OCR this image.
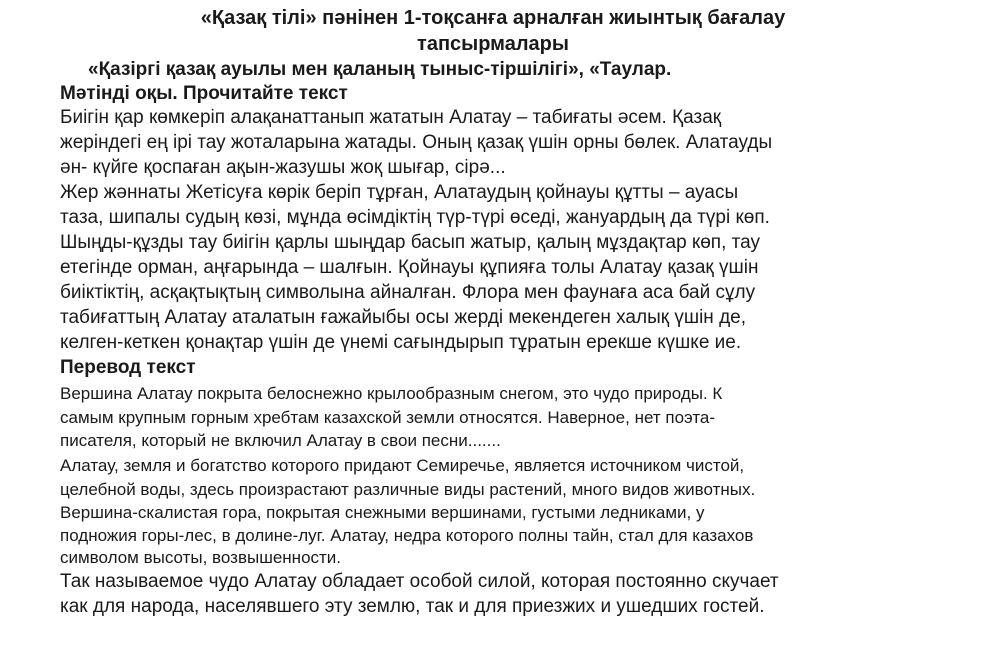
«Қазақ тілі» пәнінен 1-тоқсанға арналған жиынтық бағалау
тапсырмалары
«Қазіргі қазақ ауылы мен қаланың тыныс-тіршілігі», «Таулар.
Мәтінді оқы. Прочитайте текст
Биігін қар көмкеріп алақанаттанып жататын Алатау – табиғаты әсем. Қазақ
жеріндегі ең ірі тау жоталарына жатады. Оның қазақ үшін орны бөлек. Алатауды
ән- күйге қоспаған ақын-жазушы жоқ шығар, сірә...
Жер жәннаты Жетісуға көрік беріп тұрған, Алатаудың қойнауы құтты – ауасы
таза, шипалы судың көзі, мұнда өсімдіктің түр-түрі өседі, жануардың да түрі көп.
Шыңды-құзды тау биігін қарлы шыңдар басып жатыр, қалың мұздақтар көп, тау
етегінде орман, аңғарында – шалғын. Қойнауы құпияға толы Алатау қазақ үшін
биіктіктің, асқақтықтың символына айналған. Флора мен фаунаға аса бай сұлу
табиғаттың Алатау аталатын ғажайыбы осы жерді мекендеген халық үшін де,
келген-кеткен қонақтар үшін де үнемі сағындырып тұратын ерекше күшке ие.
Перевод текст
Вершина Алатау покрыта белоснежно крылообразным снегом, это чудо природы. К
самым крупным горным хребтам казахской земли относятся. Наверное, нет поэта-
писателя, который не включил Алатау в свои песни.......
Алатау, земля и богатство которого придают Семиречье, является источником чистой,
целебной воды, здесь произрастают различные виды растений, много видов животных.
Вершина-скалистая гора, покрытая снежными вершинами, густыми ледниками, у
подножия горы-лес, в долине-луг. Алатау, недра которого полны тайн, стал для казахов
символом высоты, возвышенности.
Так называемое чудо Алатау обладает особой силой, которая постоянно скучает
как для народа, населявшего эту землю, так и для приезжих и ушедших гостей.
